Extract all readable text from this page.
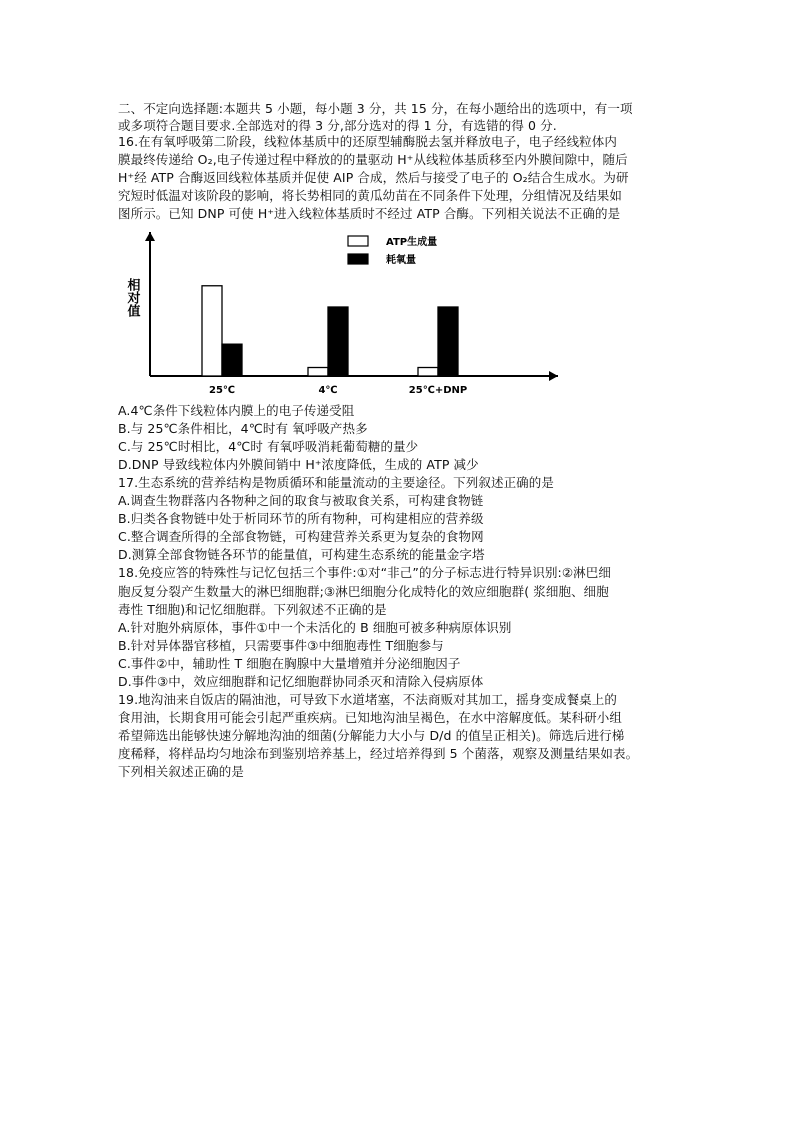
二、不定向选择题:本题共 5 小题，每小题 3 分，共 15 分，在每小题给出的选项中，有一项
或多项符合题目要求.全部选对的得 3 分,部分选对的得 1 分，有选错的得 0 分.
16.在有氧呼吸第二阶段，线粒体基质中的还原型辅酶脱去氢并释放电子，电子经线粒体内
膜最终传递给 O₂,电子传递过程中释放的的量驱动 H⁺从线粒体基质移至内外膜间隙中，随后
H⁺经 ATP 合酶返回线粒体基质并促使 AIP 合成，然后与接受了电子的 O₂结合生成水。为研
究短时低温对该阶段的影响，将长势相同的黄瓜幼苗在不同条件下处理，分组情况及结果如
图所示。已知 DNP 可使 H⁺进入线粒体基质时不经过 ATP 合酶。下列相关说法不正确的是
相对值
25℃	4℃	25℃+DNP
ATP生成量
耗氧量
A.4℃条件下线粒体内膜上的电子传递受阻
B.与 25℃条件相比，4℃时有 氧呼吸产热多
C.与 25℃时相比，4℃时 有氧呼吸消耗葡萄糖的量少
D.DNP 导致线粒体内外膜间销中 H⁺浓度降低，生成的 ATP 减少
17.生态系统的营养结构是物质循环和能量流动的主要途径。下列叙述正确的是
A.调查生物群落内各物种之间的取食与被取食关系，可构建食物链
B.归类各食物链中处于析同环节的所有物种，可构建相应的营养级
C.整合调查所得的全部食物链，可构建营养关系更为复杂的食物网
D.测算全部食物链各环节的能量值，可构建生态系统的能量金字塔
18.免疫应答的特殊性与记忆包括三个事件:①对“非己”的分子标志进行特异识别:②淋巴细
胞反复分裂产生数量大的淋巴细胞群;③淋巴细胞分化成特化的效应细胞群( 浆细胞、细胞
毒性 T细胞)和记忆细胞群。下列叙述不正确的是
A.针对胞外病原体，事件①中一个未活化的 B 细胞可被多种病原体识别
B.针对异体器官移植，只需要事件③中细胞毒性 T细胞参与
C.事件②中，辅助性 T 细胞在胸腺中大量增殖并分泌细胞因子
D.事件③中，效应细胞群和记忆细胞群协同杀灭和清除入侵病原体
19.地沟油来自饭店的隔油池，可导致下水道堵塞，不法商贩对其加工，摇身变成餐桌上的
食用油，长期食用可能会引起严重疾病。已知地沟油呈褐色，在水中溶解度低。某科研小组
希望筛选出能够快速分解地沟油的细菌(分解能力大小与 D/d 的值呈正相关)。筛选后进行梯
度稀释，将样品均匀地涂布到鉴别培养基上，经过培养得到 5 个菌落，观察及测量结果如表。
下列相关叙述正确的是
